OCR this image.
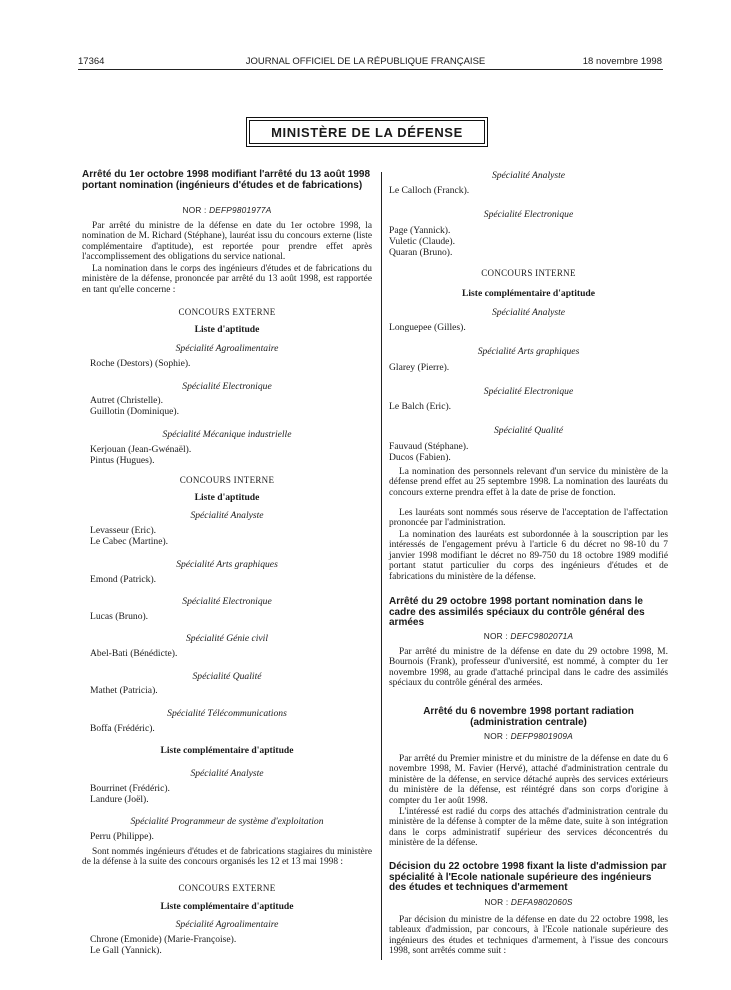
17364	JOURNAL OFFICIEL DE LA RÉPUBLIQUE FRANÇAISE	18 novembre 1998
MINISTÈRE DE LA DÉFENSE
Arrêté du 1er octobre 1998 modifiant l'arrêté du 13 août 1998 portant nomination (ingénieurs d'études et de fabrications)
NOR : DEFP9801977A
Par arrêté du ministre de la défense en date du 1er octobre 1998, la nomination de M. Richard (Stéphane), lauréat issu du concours externe (liste complémentaire d'aptitude), est reportée pour prendre effet après l'accomplissement des obligations du service national.
La nomination dans le corps des ingénieurs d'études et de fabrications du ministère de la défense, prononcée par arrêté du 13 août 1998, est rapportée en tant qu'elle concerne :
CONCOURS EXTERNE
Liste d'aptitude
Spécialité Agroalimentaire
Roche (Destors) (Sophie).
Spécialité Electronique
Autret (Christelle).
Guillotin (Dominique).
Spécialité Mécanique industrielle
Kerjouan (Jean-Gwénaël).
Pintus (Hugues).
CONCOURS INTERNE
Liste d'aptitude
Spécialité Analyste
Levasseur (Eric).
Le Cabec (Martine).
Spécialité Arts graphiques
Emond (Patrick).
Spécialité Electronique
Lucas (Bruno).
Spécialité Génie civil
Abel-Bati (Bénédicte).
Spécialité Qualité
Mathet (Patricia).
Spécialité Télécommunications
Boffa (Frédéric).
Liste complémentaire d'aptitude
Spécialité Analyste
Bourrinet (Frédéric).
Landure (Joël).
Spécialité Programmeur de système d'exploitation
Perru (Philippe).
Sont nommés ingénieurs d'études et de fabrications stagiaires du ministère de la défense à la suite des concours organisés les 12 et 13 mai 1998 :
CONCOURS EXTERNE
Liste complémentaire d'aptitude
Spécialité Agroalimentaire
Chrone (Emonide) (Marie-Françoise).
Le Gall (Yannick).
Spécialité Analyste
Le Calloch (Franck).
Spécialité Electronique
Page (Yannick).
Vuletic (Claude).
Quaran (Bruno).
CONCOURS INTERNE
Liste complémentaire d'aptitude
Spécialité Analyste
Longuepee (Gilles).
Spécialité Arts graphiques
Glarey (Pierre).
Spécialité Electronique
Le Balch (Eric).
Spécialité Qualité
Fauvaud (Stéphane).
Ducos (Fabien).
La nomination des personnels relevant d'un service du ministère de la défense prend effet au 25 septembre 1998. La nomination des lauréats du concours externe prendra effet à la date de prise de fonction.
Les lauréats sont nommés sous réserve de l'acceptation de l'affectation prononcée par l'administration.
La nomination des lauréats est subordonnée à la souscription par les intéressés de l'engagement prévu à l'article 6 du décret no 98-10 du 7 janvier 1998 modifiant le décret no 89-750 du 18 octobre 1989 modifié portant statut particulier du corps des ingénieurs d'études et de fabrications du ministère de la défense.
Arrêté du 29 octobre 1998 portant nomination dans le cadre des assimilés spéciaux du contrôle général des armées
NOR : DEFC9802071A
Par arrêté du ministre de la défense en date du 29 octobre 1998, M. Bournois (Frank), professeur d'université, est nommé, à compter du 1er novembre 1998, au grade d'attaché principal dans le cadre des assimilés spéciaux du contrôle général des armées.
Arrêté du 6 novembre 1998 portant radiation (administration centrale)
NOR : DEFP9801909A
Par arrêté du Premier ministre et du ministre de la défense en date du 6 novembre 1998, M. Favier (Hervé), attaché d'administration centrale du ministère de la défense, en service détaché auprès des services extérieurs du ministère de la défense, est réintégré dans son corps d'origine à compter du 1er août 1998.
L'intéressé est radié du corps des attachés d'administration centrale du ministère de la défense à compter de la même date, suite à son intégration dans le corps administratif supérieur des services déconcentrés du ministère de la défense.
Décision du 22 octobre 1998 fixant la liste d'admission par spécialité à l'Ecole nationale supérieure des ingénieurs des études et techniques d'armement
NOR : DEFA9802060S
Par décision du ministre de la défense en date du 22 octobre 1998, les tableaux d'admission, par concours, à l'Ecole nationale supérieure des ingénieurs des études et techniques d'armement, à l'issue des concours 1998, sont arrêtés comme suit :
